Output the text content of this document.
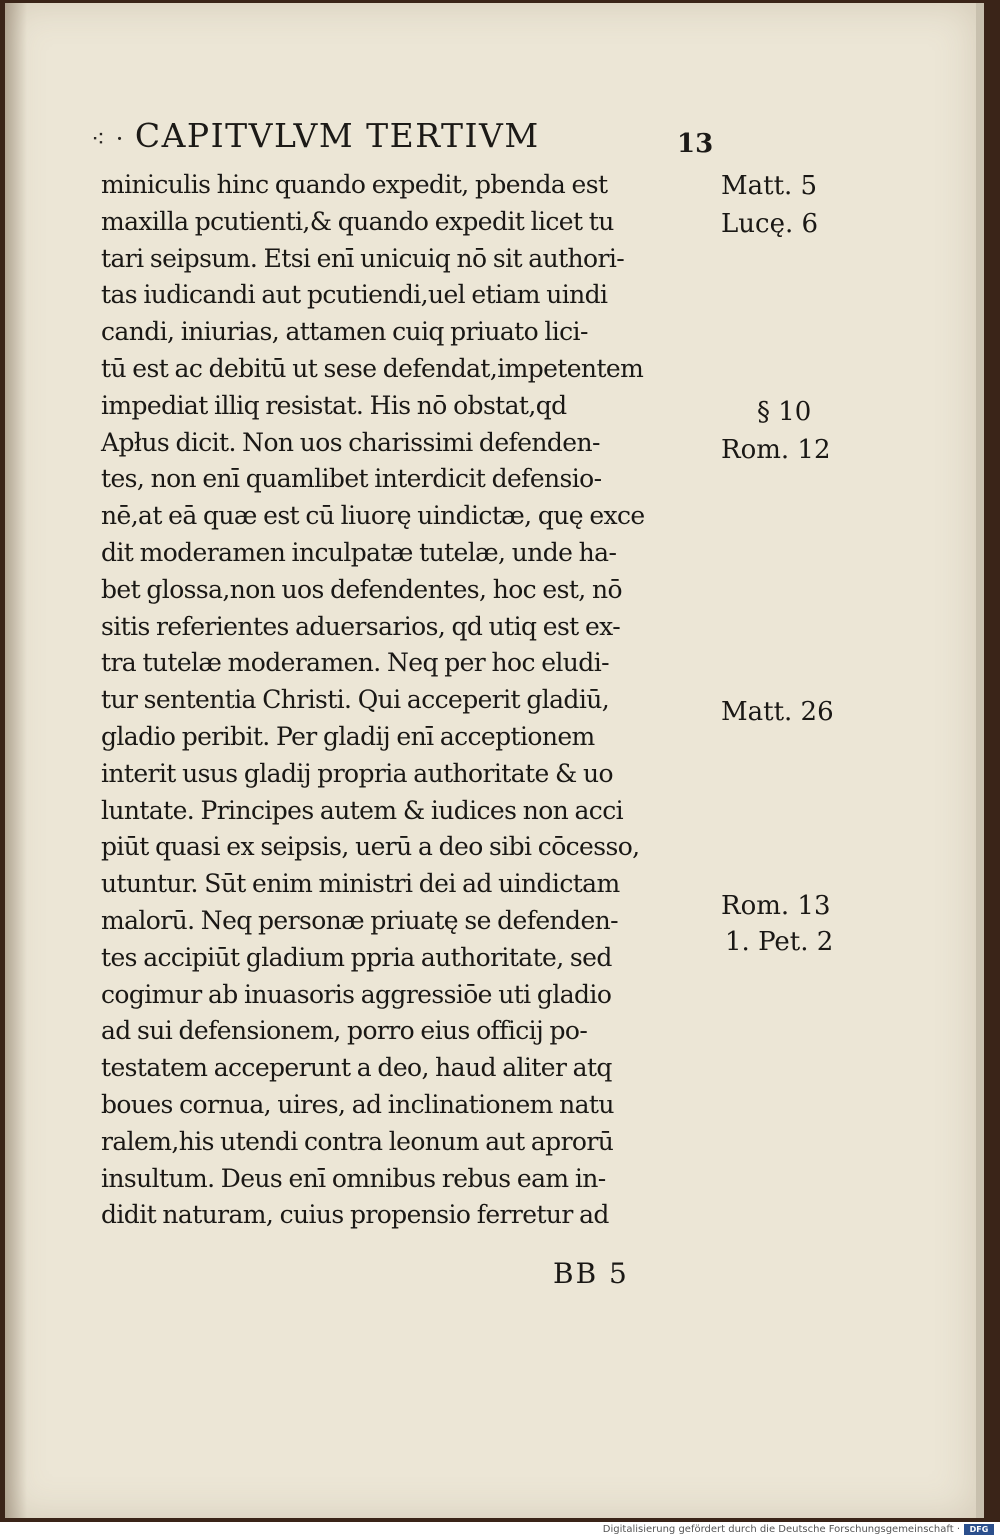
⁖ · CAPITVLVM TERTIVM	13
miniculis hinc quando expedit, pbenda est
maxilla pcutienti,& quando expedit licet tu
tari seipsum. Etsi enī unicuiq nō sit authori-
tas iudicandi aut pcutiendi,uel etiam uindi
candi, iniurias, attamen cuiq priuato lici-
tū est ac debitū ut sese defendat,impetentem
impediat illiq resistat. His nō obstat,qd
Apłus dicit. Non uos charissimi defenden-
tes, non enī quamlibet interdicit defensio-
nē,at eā quæ est cū liuorę uindictæ, quę exce
dit moderamen inculpatæ tutelæ, unde ha-
bet glossa,non uos defendentes, hoc est, nō
sitis referientes aduersarios, qd utiq est ex-
tra tutelæ moderamen. Neq per hoc eludi-
tur sententia Christi. Qui acceperit gladiū,
gladio peribit. Per gladij enī acceptionem
interit usus gladij propria authoritate & uo
luntate. Principes autem & iudices non acci
piūt quasi ex seipsis, uerū a deo sibi cōcesso,
utuntur. Sūt enim ministri dei ad uindictam
malorū. Neq personæ priuatę se defenden-
tes accipiūt gladium ppria authoritate, sed
cogimur ab inuasoris aggressiōe uti gladio
ad sui defensionem, porro eius officij po-
testatem acceperunt a deo, haud aliter atq
boues cornua, uires, ad inclinationem natu
ralem,his utendi contra leonum aut aprorū
insultum. Deus enī omnibus rebus eam in-
didit naturam, cuius propensio ferretur ad
Matt. 5
Lucę. 6
§ 10
Rom. 12
Matt. 26
Rom. 13
1. Pet. 2
BB 5
Digitalisierung gefördert durch die Deutsche Forschungsgemeinschaft ·	DFG
